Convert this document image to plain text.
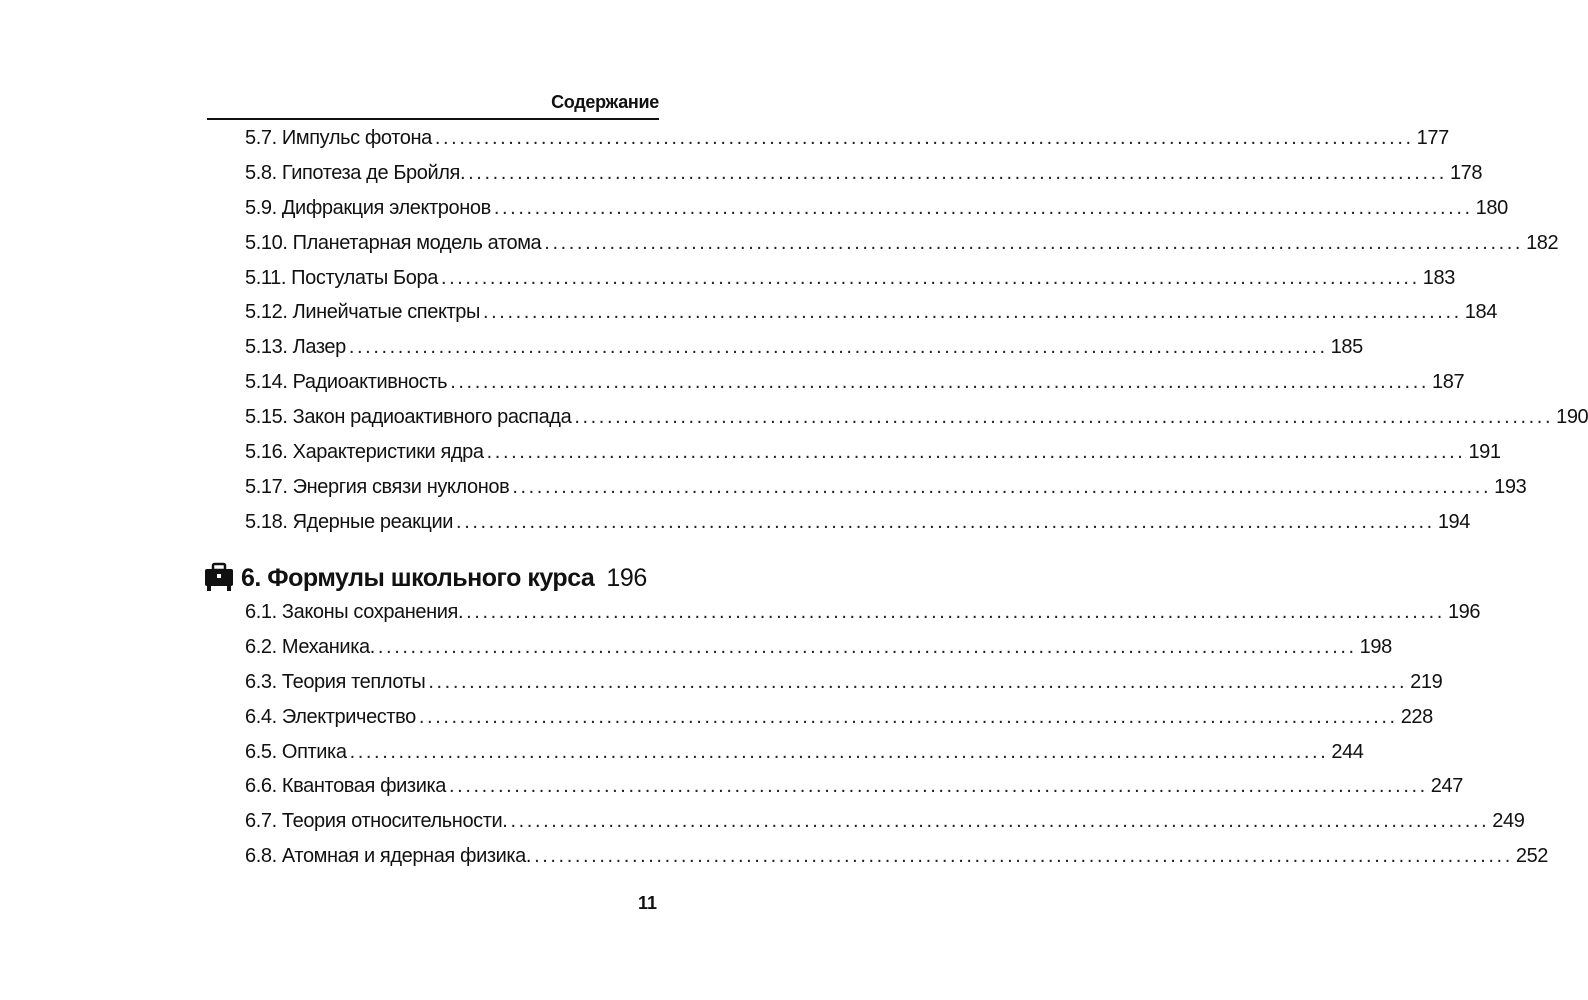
Содержание
5.7. Импульс фотона ........................................................................................................................ 177
5.8. Гипотеза де Бройля. ........................................................................................................................ 178
5.9. Дифракция электронов ........................................................................................................................ 180
5.10. Планетарная модель атома ........................................................................................................................ 182
5.11. Постулаты Бора ........................................................................................................................ 183
5.12. Линейчатые спектры ........................................................................................................................ 184
5.13. Лазер ........................................................................................................................ 185
5.14. Радиоактивность ........................................................................................................................ 187
5.15. Закон радиоактивного распада ........................................................................................................................ 190
5.16. Характеристики ядра ........................................................................................................................ 191
5.17. Энергия связи нуклонов ........................................................................................................................ 193
5.18. Ядерные реакции ........................................................................................................................ 194
6. Формулы школьного курса 196
6.1. Законы сохранения. ........................................................................................................................ 196
6.2. Механика. ........................................................................................................................ 198
6.3. Теория теплоты ........................................................................................................................ 219
6.4. Электричество ........................................................................................................................ 228
6.5. Оптика ........................................................................................................................ 244
6.6. Квантовая физика ........................................................................................................................ 247
6.7. Теория относительности. ........................................................................................................................ 249
6.8. Атомная и ядерная физика. ........................................................................................................................ 252
11
